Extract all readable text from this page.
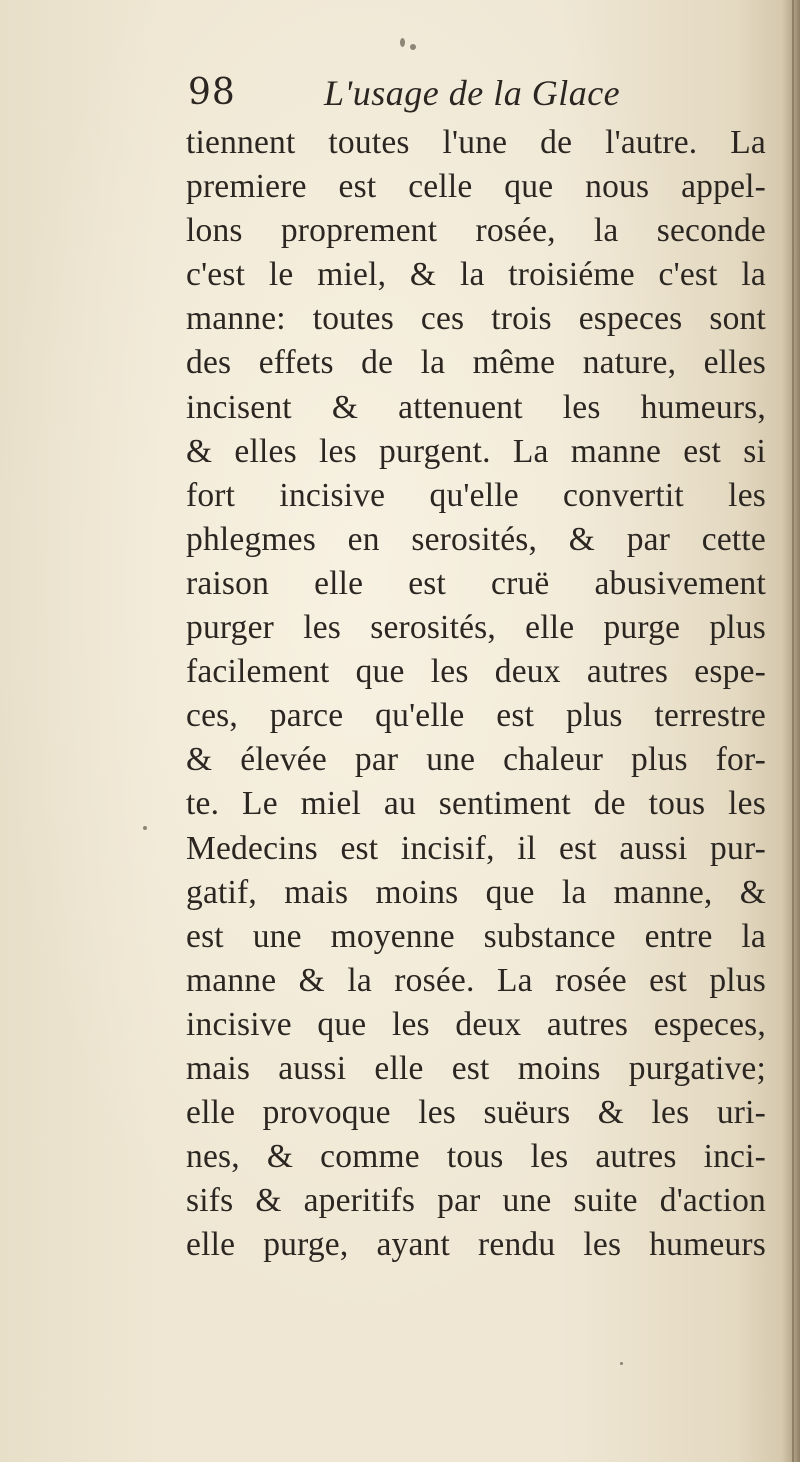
98 L'usage de la Glace
tiennent toutes l'une de l'autre. La
premiere est celle que nous appel-
lons proprement rosée, la seconde
c'est le miel, & la troisiéme c'est la
manne: toutes ces trois especes sont
des effets de la même nature, elles
incisent & attenuent les humeurs,
& elles les purgent. La manne est si
fort incisive qu'elle convertit les
phlegmes en serosités, & par cette
raison elle est cruë abusivement
purger les serosités, elle purge plus
facilement que les deux autres espe-
ces, parce qu'elle est plus terrestre
& élevée par une chaleur plus for-
te. Le miel au sentiment de tous les
Medecins est incisif, il est aussi pur-
gatif, mais moins que la manne, &
est une moyenne substance entre la
manne & la rosée. La rosée est plus
incisive que les deux autres especes,
mais aussi elle est moins purgative;
elle provoque les suëurs & les uri-
nes, & comme tous les autres inci-
sifs & aperitifs par une suite d'action
elle purge, ayant rendu les humeurs
